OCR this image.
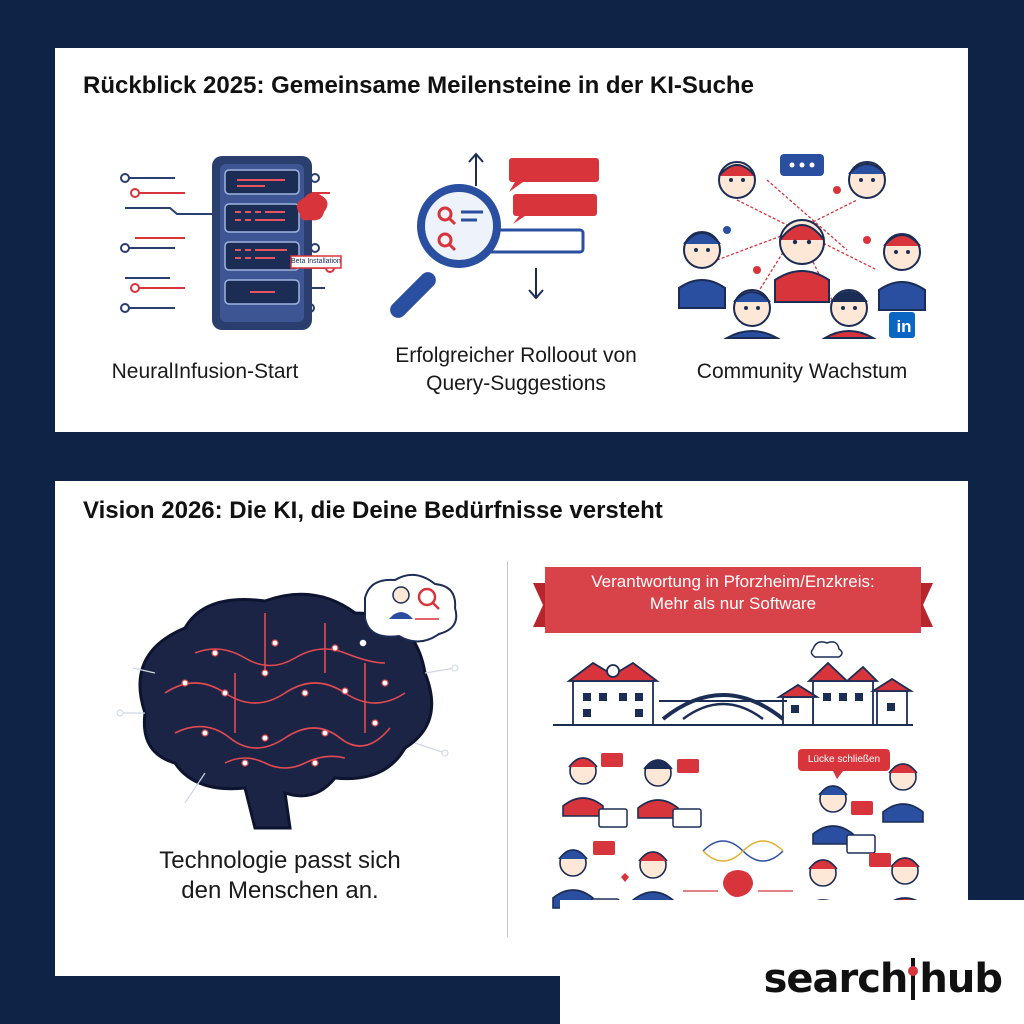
Rückblick 2025: Gemeinsame Meilensteine in der KI-Suche
Beta Installation
NeuralInfusion-Start
Erfolgreicher Rolloout von
Query-Suggestions
in
Community Wachstum
Vision 2026: Die KI, die Deine Bedürfnisse versteht
Technologie passt sich
den Menschen an.
Verantwortung in Pforzheim/Enzkreis:
Mehr als nur Software
Lücke schließen
search hub
